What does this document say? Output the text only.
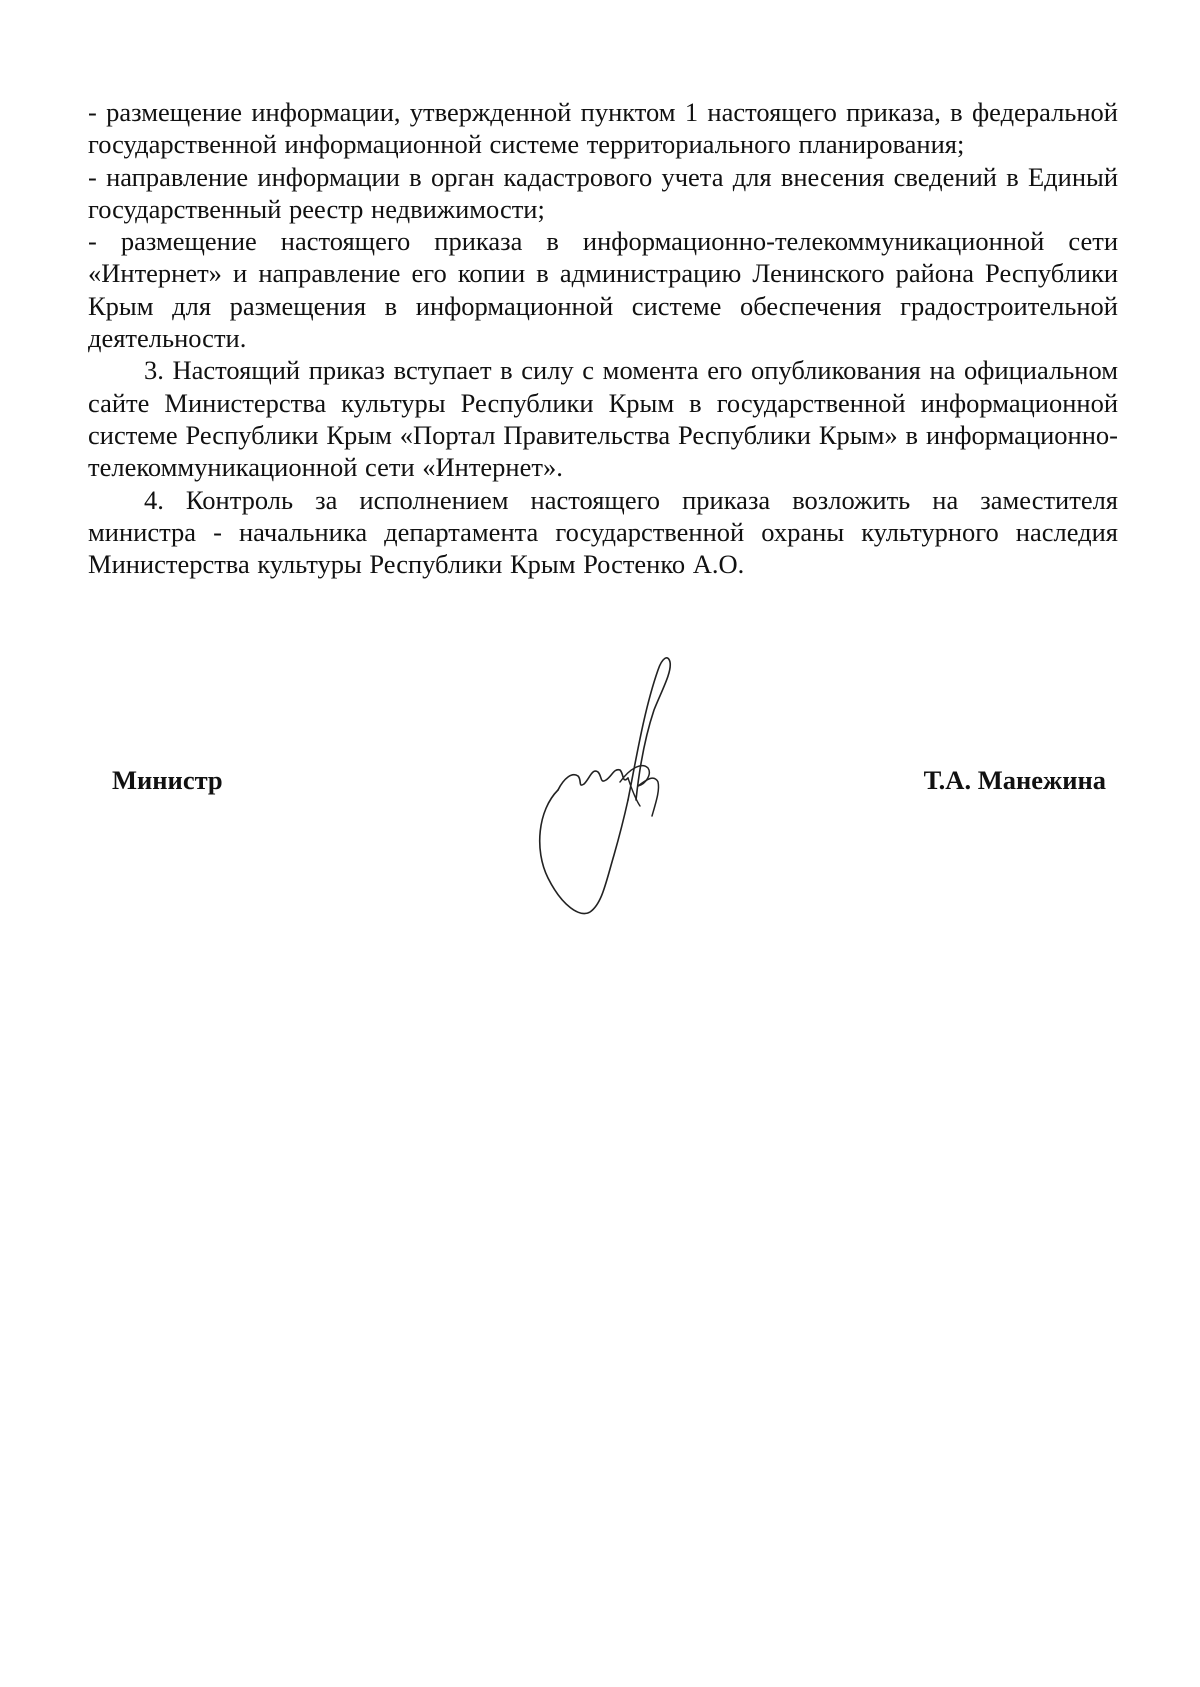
- размещение информации, утвержденной пунктом 1 настоящего приказа, в федеральной государственной информационной системе территориального планирования;

- направление информации в орган кадастрового учета для внесения сведений в Единый государственный реестр недвижимости;

- размещение настоящего приказа в информационно-телекоммуникационной сети «Интернет» и направление его копии в администрацию Ленинского района Республики Крым для размещения в информационной системе обеспечения градостроительной деятельности.

3. Настоящий приказ вступает в силу с момента его опубликования на официальном сайте Министерства культуры Республики Крым в государственной информационной системе Республики Крым «Портал Правительства Республики Крым» в информационно-телекоммуникационной сети «Интернет».

4. Контроль за исполнением настоящего приказа возложить на заместителя министра - начальника департамента государственной охраны культурного наследия Министерства культуры Республики Крым Ростенко А.О.

Министр	Т.А. Манежина
